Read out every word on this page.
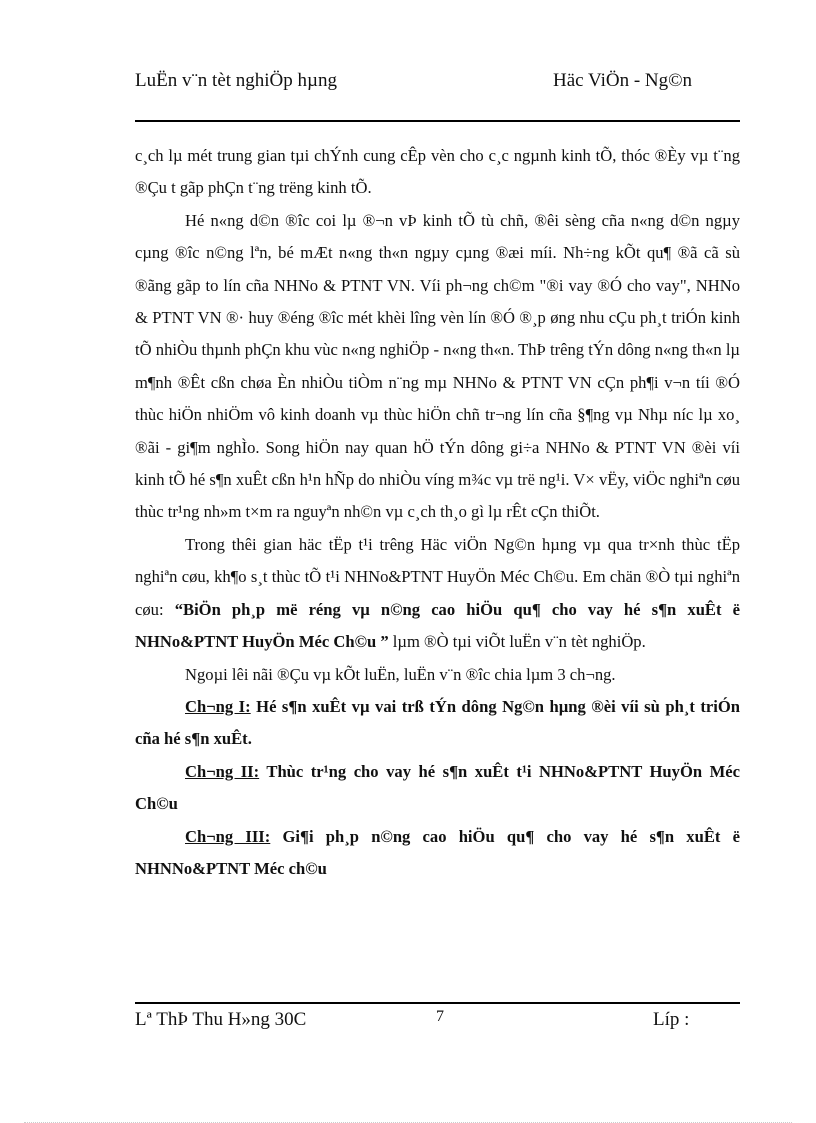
LuËn v¨n tèt nghiÖp hµng	Häc ViÖn - Ng©n

c¸ch lµ mét trung gian tµi chÝnh cung cÊp vèn cho c¸c ngµnh kinh tÕ, thóc ®Èy vµ t¨ng ®Çu t gãp phÇn t¨ng trëng kinh tÕ.

Hé n«ng d©n ®îc coi lµ ®¬n vÞ kinh tÕ tù chñ, ®êi sèng cña n«ng d©n ngµy cµng ®îc n©ng lªn, bé mÆt n«ng th«n ngµy cµng ®æi míi. Nh÷ng kÕt qu¶ ®ã cã sù ®ãng gãp to lín cña NHNo & PTNT VN. Víi ph¬ng ch©m "®i vay ®Ó cho vay", NHNo & PTNT VN ®· huy ®éng ®îc mét khèi lîng vèn lín ®Ó ®¸p øng nhu cÇu ph¸t triÓn kinh tÕ nhiÒu thµnh phÇn khu vùc n«ng nghiÖp - n«ng th«n. ThÞ trêng tÝn dông n«ng th«n lµ m¶nh ®Êt cßn chøa Èn nhiÒu tiÒm n¨ng mµ NHNo & PTNT VN cÇn ph¶i v¬n tíi ®Ó thùc hiÖn nhiÖm vô kinh doanh vµ thùc hiÖn chñ tr¬ng lín cña §¶ng vµ Nhµ níc lµ xo¸ ®ãi - gi¶m nghÌo. Song hiÖn nay quan hÖ tÝn dông gi÷a NHNo & PTNT VN ®èi víi kinh tÕ hé s¶n xuÊt cßn h¹n hÑp do nhiÒu víng m¾c vµ trë ng¹i. V× vËy, viÖc nghiªn cøu thùc tr¹ng nh»m t×m ra nguyªn nh©n vµ c¸ch th¸o gì lµ rÊt cÇn thiÕt.

Trong thêi gian häc tËp t¹i trêng Häc viÖn Ng©n hµng vµ qua tr×nh thùc tËp nghiªn cøu, kh¶o s¸t thùc tÕ t¹i NHNo&PTNT HuyÖn Méc Ch©u. Em chän ®Ò tµi nghiªn cøu: “BiÖn ph¸p më réng vµ n©ng cao hiÖu qu¶ cho vay hé s¶n xuÊt ë NHNo&PTNT HuyÖn Méc Ch©u ” lµm ®Ò tµi viÕt luËn v¨n tèt nghiÖp.

Ngoµi lêi nãi ®Çu vµ kÕt luËn, luËn v¨n ®îc chia lµm 3 ch¬ng.

Ch¬ng I: Hé s¶n xuÊt vµ vai trß tÝn dông Ng©n hµng ®èi víi sù ph¸t triÓn cña hé s¶n xuÊt.

Ch¬ng II: Thùc tr¹ng cho vay hé s¶n xuÊt t¹i NHNo&PTNT HuyÖn Méc Ch©u

Ch¬ng III: Gi¶i ph¸p n©ng cao hiÖu qu¶ cho vay hé s¶n xuÊt ë NHNNo&PTNT Méc ch©u

Lª ThÞ Thu H»ng 30C	7	Líp :
